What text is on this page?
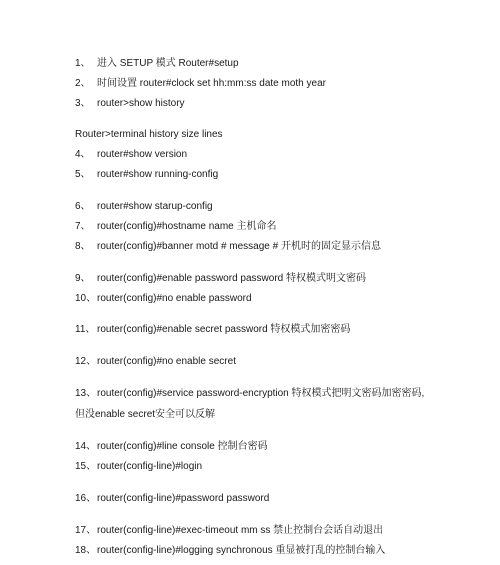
1、 进入 SETUP 模式 Router#setup
2、 时间设置 router#clock set hh:mm:ss date moth year
3、 router>show history
Router>terminal history size lines
4、 router#show version
5、 router#show running-config
6、 router#show starup-config
7、 router(config)#hostname name 主机命名
8、 router(config)#banner motd # message # 开机时的固定显示信息
9、 router(config)#enable password password 特权模式明文密码
10、 router(config)#no enable password
11、 router(config)#enable secret password 特权模式加密密码
12、 router(config)#no enable secret
13、 router(config)#service password-encryption 特权模式把明文密码加密密码,
但没enable secret安全可以反解
14、 router(config)#line console 控制台密码
15、 router(config-line)#login
16、 router(config-line)#password password
17、 router(config-line)#exec-timeout mm ss 禁止控制台会话自动退出
18、 router(config-line)#logging synchronous 重显被打乱的控制台输入
